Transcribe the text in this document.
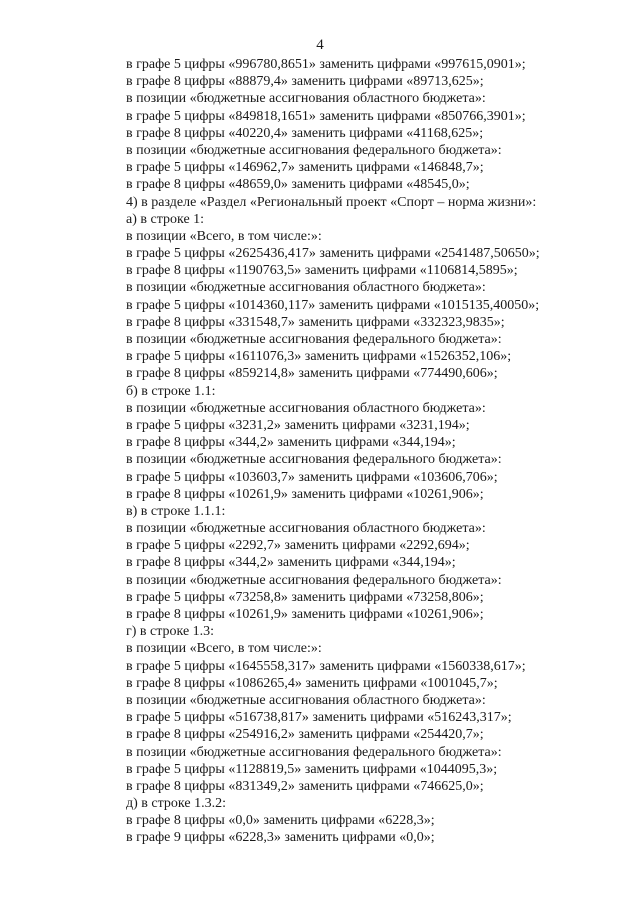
4
в графе 5 цифры «996780,8651» заменить цифрами «997615,0901»;
в графе 8 цифры «88879,4» заменить цифрами «89713,625»;
в позиции «бюджетные ассигнования областного бюджета»:
в графе 5 цифры «849818,1651» заменить цифрами «850766,3901»;
в графе 8 цифры «40220,4» заменить цифрами «41168,625»;
в позиции «бюджетные ассигнования федерального бюджета»:
в графе 5 цифры «146962,7» заменить цифрами «146848,7»;
в графе 8 цифры «48659,0» заменить цифрами «48545,0»;
4) в разделе «Раздел «Региональный проект «Спорт – норма жизни»:
а) в строке 1:
в позиции «Всего, в том числе:»:
в графе 5 цифры «2625436,417» заменить цифрами «2541487,50650»;
в графе 8 цифры «1190763,5» заменить цифрами «1106814,5895»;
в позиции «бюджетные ассигнования областного бюджета»:
в графе 5 цифры «1014360,117» заменить цифрами «1015135,40050»;
в графе 8 цифры «331548,7» заменить цифрами «332323,9835»;
в позиции «бюджетные ассигнования федерального бюджета»:
в графе 5 цифры «1611076,3» заменить цифрами «1526352,106»;
в графе 8 цифры «859214,8» заменить цифрами «774490,606»;
б) в строке 1.1:
в позиции «бюджетные ассигнования областного бюджета»:
в графе 5 цифры «3231,2» заменить цифрами «3231,194»;
в графе 8 цифры «344,2» заменить цифрами «344,194»;
в позиции «бюджетные ассигнования федерального бюджета»:
в графе 5 цифры «103603,7» заменить цифрами «103606,706»;
в графе 8 цифры «10261,9» заменить цифрами «10261,906»;
в) в строке 1.1.1:
в позиции «бюджетные ассигнования областного бюджета»:
в графе 5 цифры «2292,7» заменить цифрами «2292,694»;
в графе 8 цифры «344,2» заменить цифрами «344,194»;
в позиции «бюджетные ассигнования федерального бюджета»:
в графе 5 цифры «73258,8» заменить цифрами «73258,806»;
в графе 8 цифры «10261,9» заменить цифрами «10261,906»;
г) в строке 1.3:
в позиции «Всего, в том числе:»:
в графе 5 цифры «1645558,317» заменить цифрами «1560338,617»;
в графе 8 цифры «1086265,4» заменить цифрами «1001045,7»;
в позиции «бюджетные ассигнования областного бюджета»:
в графе 5 цифры «516738,817» заменить цифрами «516243,317»;
в графе 8 цифры «254916,2» заменить цифрами «254420,7»;
в позиции «бюджетные ассигнования федерального бюджета»:
в графе 5 цифры «1128819,5» заменить цифрами «1044095,3»;
в графе 8 цифры «831349,2» заменить цифрами «746625,0»;
д) в строке 1.3.2:
в графе 8 цифры «0,0» заменить цифрами «6228,3»;
в графе 9 цифры «6228,3» заменить цифрами «0,0»;
